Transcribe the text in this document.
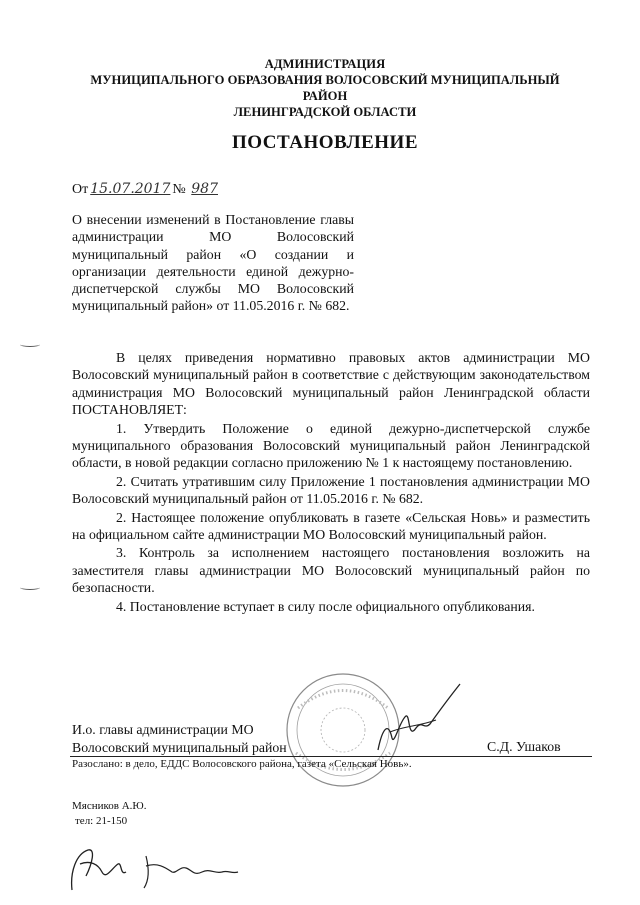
АДМИНИСТРАЦИЯ
МУНИЦИПАЛЬНОГО ОБРАЗОВАНИЯ ВОЛОСОВСКИЙ МУНИЦИПАЛЬНЫЙ
РАЙОН
ЛЕНИНГРАДСКОЙ ОБЛАСТИ
ПОСТАНОВЛЕНИЕ
От 15.07.2017 № 987
О внесении изменений в Постановление главы администрации МО Волосовский муниципальный район «О создании и организации деятельности единой дежурно-диспетчерской службы МО Волосовский муниципальный район» от 11.05.2016 г. № 682.

В целях приведения нормативно правовых актов администрации МО Волосовский муниципальный район в соответствие с действующим законодательством администрация МО Волосовский муниципальный район Ленинградской области ПОСТАНОВЛЯЕТ:

1. Утвердить Положение о единой дежурно-диспетчерской службе муниципального образования Волосовский муниципальный район Ленинградской области, в новой редакции согласно приложению № 1 к настоящему постановлению.

2. Считать утратившим силу Приложение 1 постановления администрации МО Волосовский муниципальный район от 11.05.2016 г. № 682.

2. Настоящее положение опубликовать в газете «Сельская Новь» и разместить на официальном сайте администрации МО Волосовский муниципальный район.

3. Контроль за исполнением настоящего постановления возложить на заместителя главы администрации МО Волосовский муниципальный район по безопасности.

4. Постановление вступает в силу после официального опубликования.

И.о. главы администрации МО
Волосовский муниципальный район	С.Д. Ушаков
Разослано: в дело, ЕДДС Волосовского района, газета «Сельская Новь».
Мясников А.Ю.
тел: 21-150
